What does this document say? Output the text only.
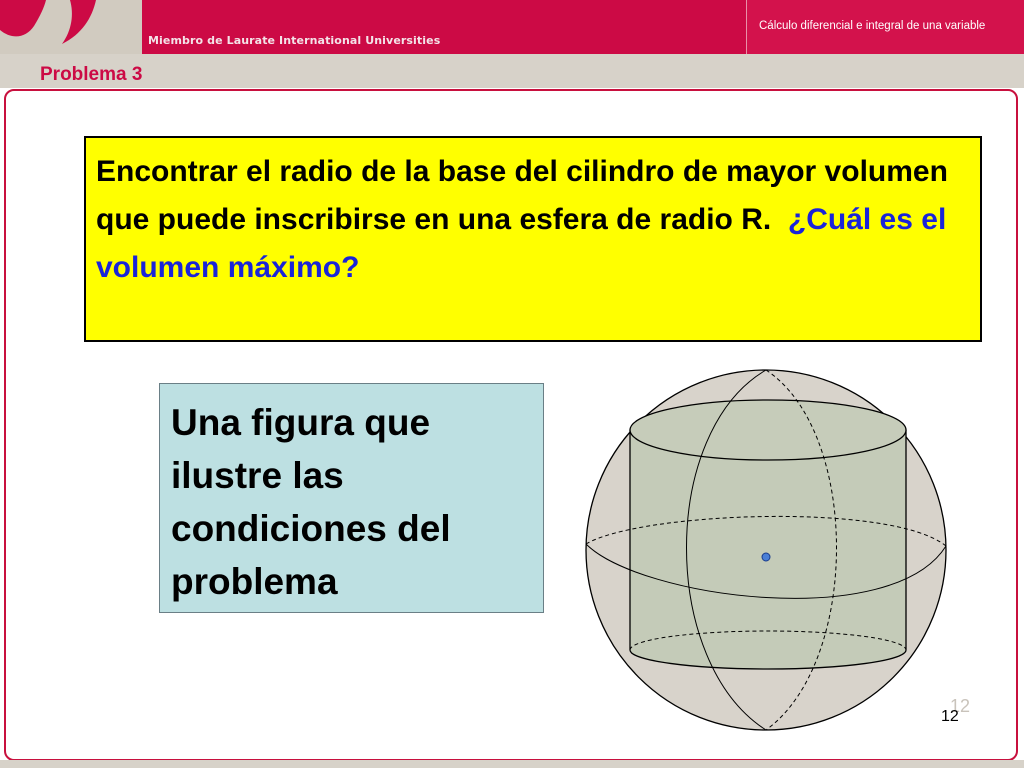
Miembro de Laurate International Universities
Cálculo diferencial e integral de una variable
Problema 3
Encontrar el radio de la base del cilindro de mayor volumen que puede inscribirse en una esfera de radio R. ¿Cuál es el volumen máximo?
Una figura que ilustre las condiciones del problema
12
12
